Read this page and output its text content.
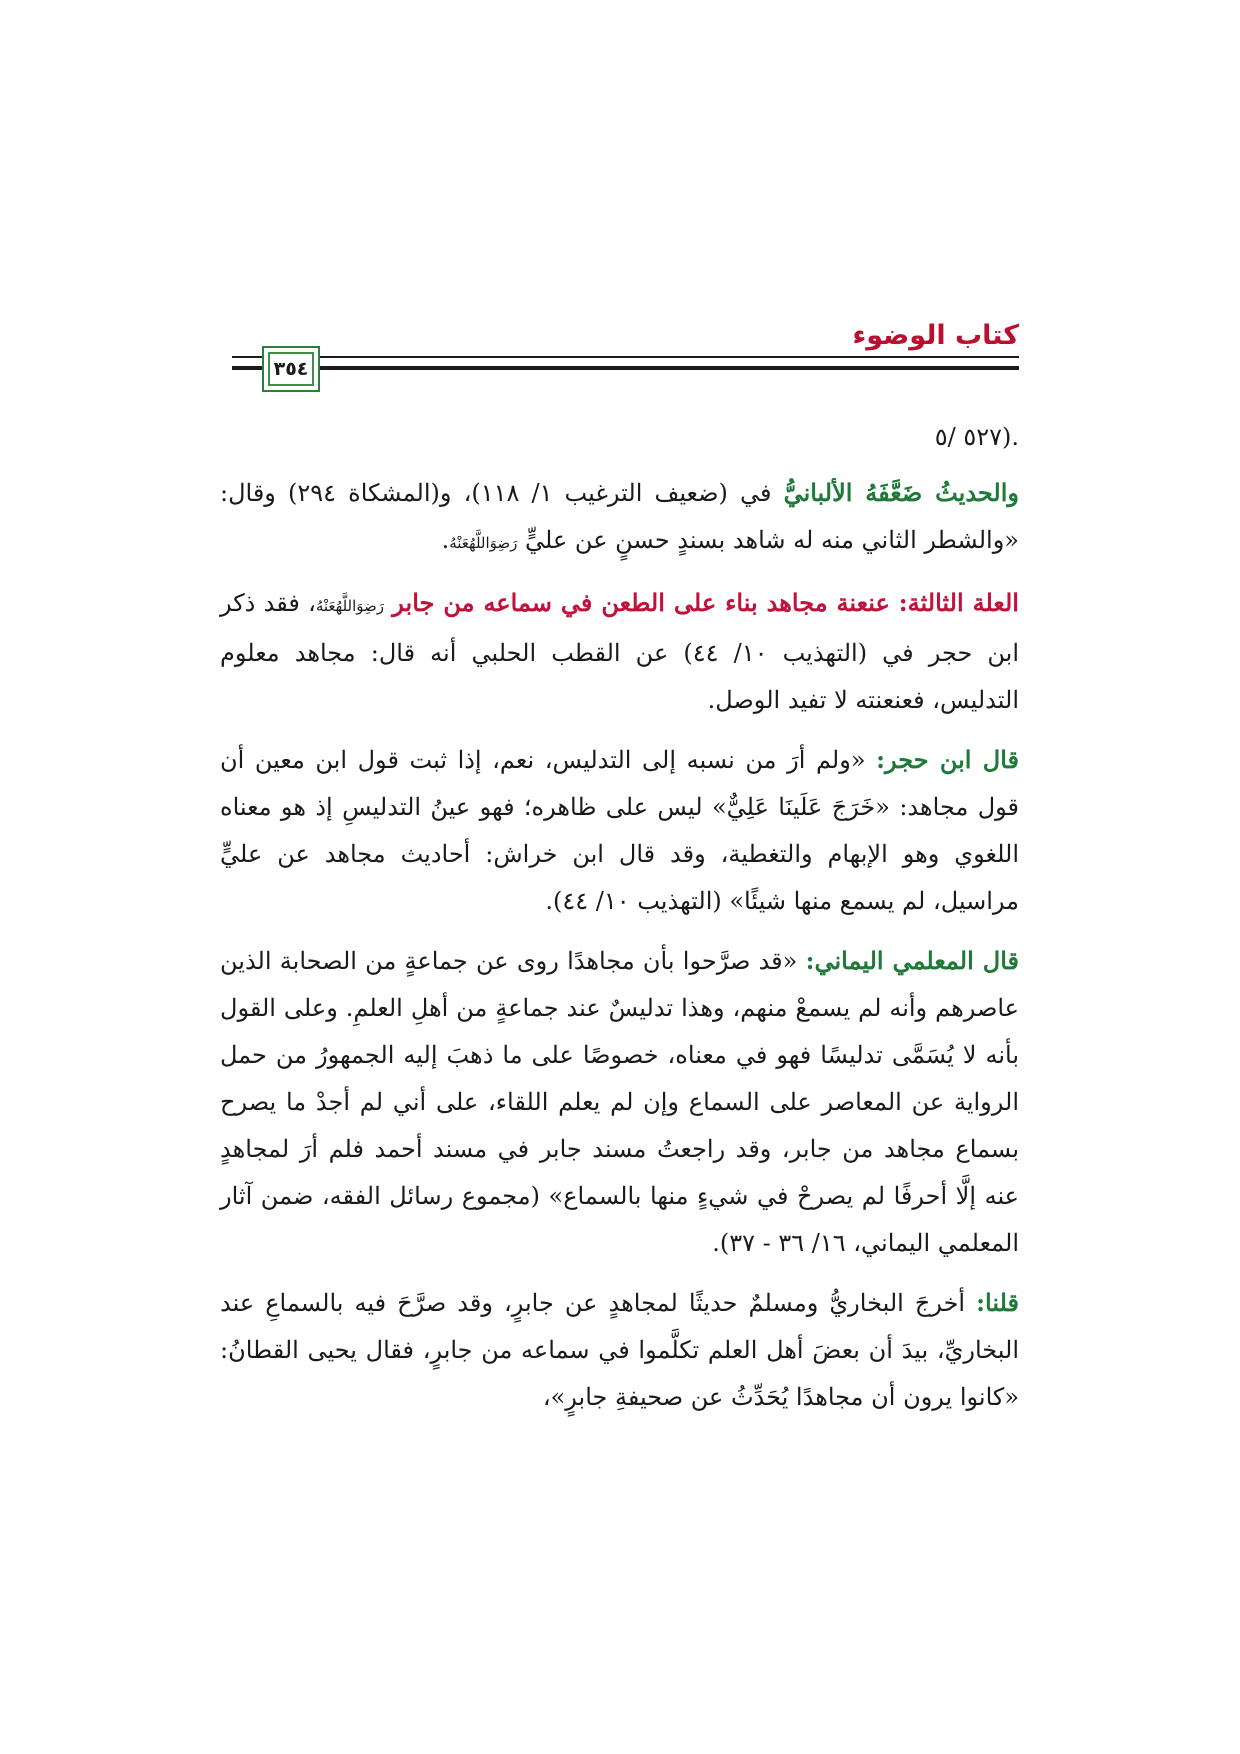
كتاب الوضوء
٣٥٤

.(٥٢٧ /٥

والحديثُ ضَعَّفَهُ الألبانيُّ في (ضعيف الترغيب ١/ ١١٨)، و(المشكاة ٢٩٤) وقال: «والشطر الثاني منه له شاهد بسندٍ حسنٍ عن عليٍّ رَضِوَاللَّهُعَنْهُ.

العلة الثالثة: عنعنة مجاهد بناء على الطعن في سماعه من جابر رَضِوَاللَّهُعَنْهُ، فقد ذكر ابن حجر في (التهذيب ١٠/ ٤٤) عن القطب الحلبي أنه قال: مجاهد معلوم التدليس، فعنعنته لا تفيد الوصل.

قال ابن حجر: «ولم أرَ من نسبه إلى التدليس، نعم، إذا ثبت قول ابن معين أن قول مجاهد: «خَرَجَ عَلَينَا عَلِيٌّ» ليس على ظاهره؛ فهو عينُ التدليسِ إذ هو معناه اللغوي وهو الإبهام والتغطية، وقد قال ابن خراش: أحاديث مجاهد عن عليٍّ مراسيل، لم يسمع منها شيئًا» (التهذيب ١٠/ ٤٤).

قال المعلمي اليماني: «قد صرَّحوا بأن مجاهدًا روى عن جماعةٍ من الصحابة الذين عاصرهم وأنه لم يسمعْ منهم، وهذا تدليسٌ عند جماعةٍ من أهلِ العلمِ. وعلى القول بأنه لا يُسَمَّى تدليسًا فهو في معناه، خصوصًا على ما ذهبَ إليه الجمهورُ من حمل الرواية عن المعاصر على السماع وإن لم يعلم اللقاء، على أني لم أجدْ ما يصرح بسماع مجاهد من جابر، وقد راجعتُ مسند جابر في مسند أحمد فلم أرَ لمجاهدٍ عنه إلَّا أحرفًا لم يصرحْ في شيءٍ منها بالسماع» (مجموع رسائل الفقه، ضمن آثار المعلمي اليماني، ١٦/ ٣٦ - ٣٧).

قلنا: أخرجَ البخاريُّ ومسلمٌ حديثًا لمجاهدٍ عن جابرٍ، وقد صرَّحَ فيه بالسماعِ عند البخاريِّ، بيدَ أن بعضَ أهل العلم تكلَّموا في سماعه من جابرٍ، فقال يحيى القطانُ: «كانوا يرون أن مجاهدًا يُحَدِّثُ عن صحيفةِ جابرٍ»،
